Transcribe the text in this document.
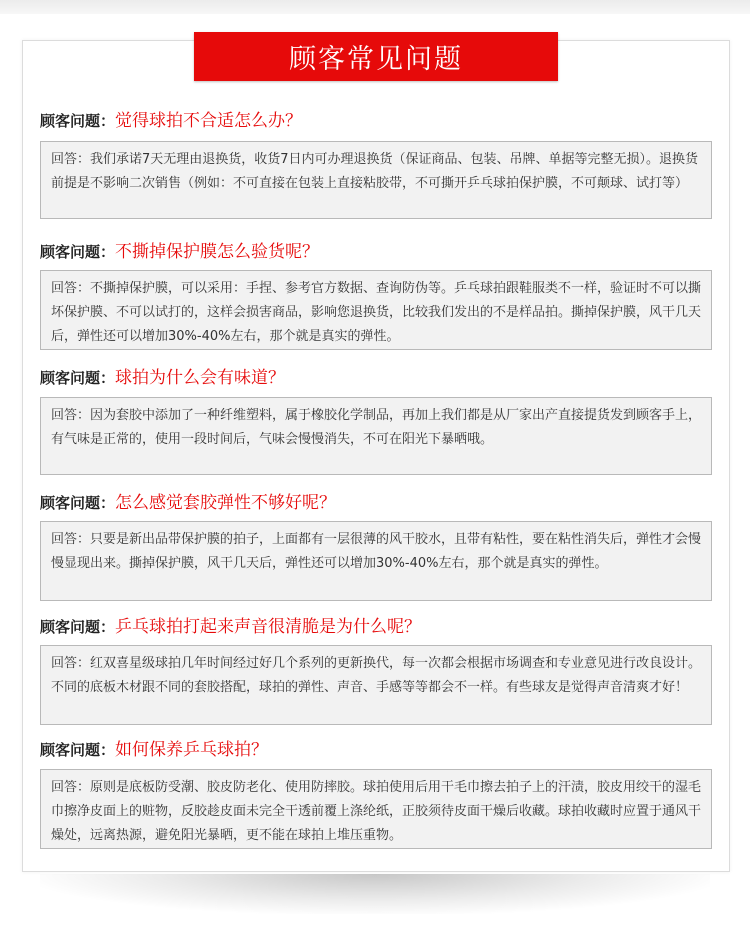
顾客常见问题
顾客问题：觉得球拍不合适怎么办？
回答：我们承诺7天无理由退换货，收货7日内可办理退换货（保证商品、包装、吊牌、单据等完整无损）。退换货前提是不影响二次销售（例如：不可直接在包装上直接粘胶带，不可撕开乒乓球拍保护膜，不可颠球、试打等）
顾客问题：不撕掉保护膜怎么验货呢？
回答：不撕掉保护膜，可以采用：手捏、参考官方数据、查询防伪等。乒乓球拍跟鞋服类不一样，验证时不可以撕坏保护膜、不可以试打的，这样会损害商品，影响您退换货，比较我们发出的不是样品拍。撕掉保护膜，风干几天后，弹性还可以增加30%-40%左右，那个就是真实的弹性。
顾客问题：球拍为什么会有味道？
回答：因为套胶中添加了一种纤维塑料，属于橡胶化学制品，再加上我们都是从厂家出产直接提货发到顾客手上，有气味是正常的，使用一段时间后，气味会慢慢消失，不可在阳光下暴晒哦。
顾客问题：怎么感觉套胶弹性不够好呢？
回答：只要是新出品带保护膜的拍子，上面都有一层很薄的风干胶水，且带有粘性，要在粘性消失后，弹性才会慢慢显现出来。撕掉保护膜，风干几天后，弹性还可以增加30%-40%左右，那个就是真实的弹性。
顾客问题：乒乓球拍打起来声音很清脆是为什么呢？
回答：红双喜星级球拍几年时间经过好几个系列的更新换代，每一次都会根据市场调查和专业意见进行改良设计。不同的底板木材跟不同的套胶搭配，球拍的弹性、声音、手感等等都会不一样。有些球友是觉得声音清爽才好！
顾客问题：如何保养乒乓球拍？
回答：原则是底板防受潮、胶皮防老化、使用防摔胶。球拍使用后用干毛巾擦去拍子上的汗渍，胶皮用绞干的湿毛巾擦净皮面上的赃物，反胶趁皮面未完全干透前覆上涤纶纸，正胶须待皮面干燥后收藏。球拍收藏时应置于通风干燥处，远离热源，避免阳光暴晒，更不能在球拍上堆压重物。
